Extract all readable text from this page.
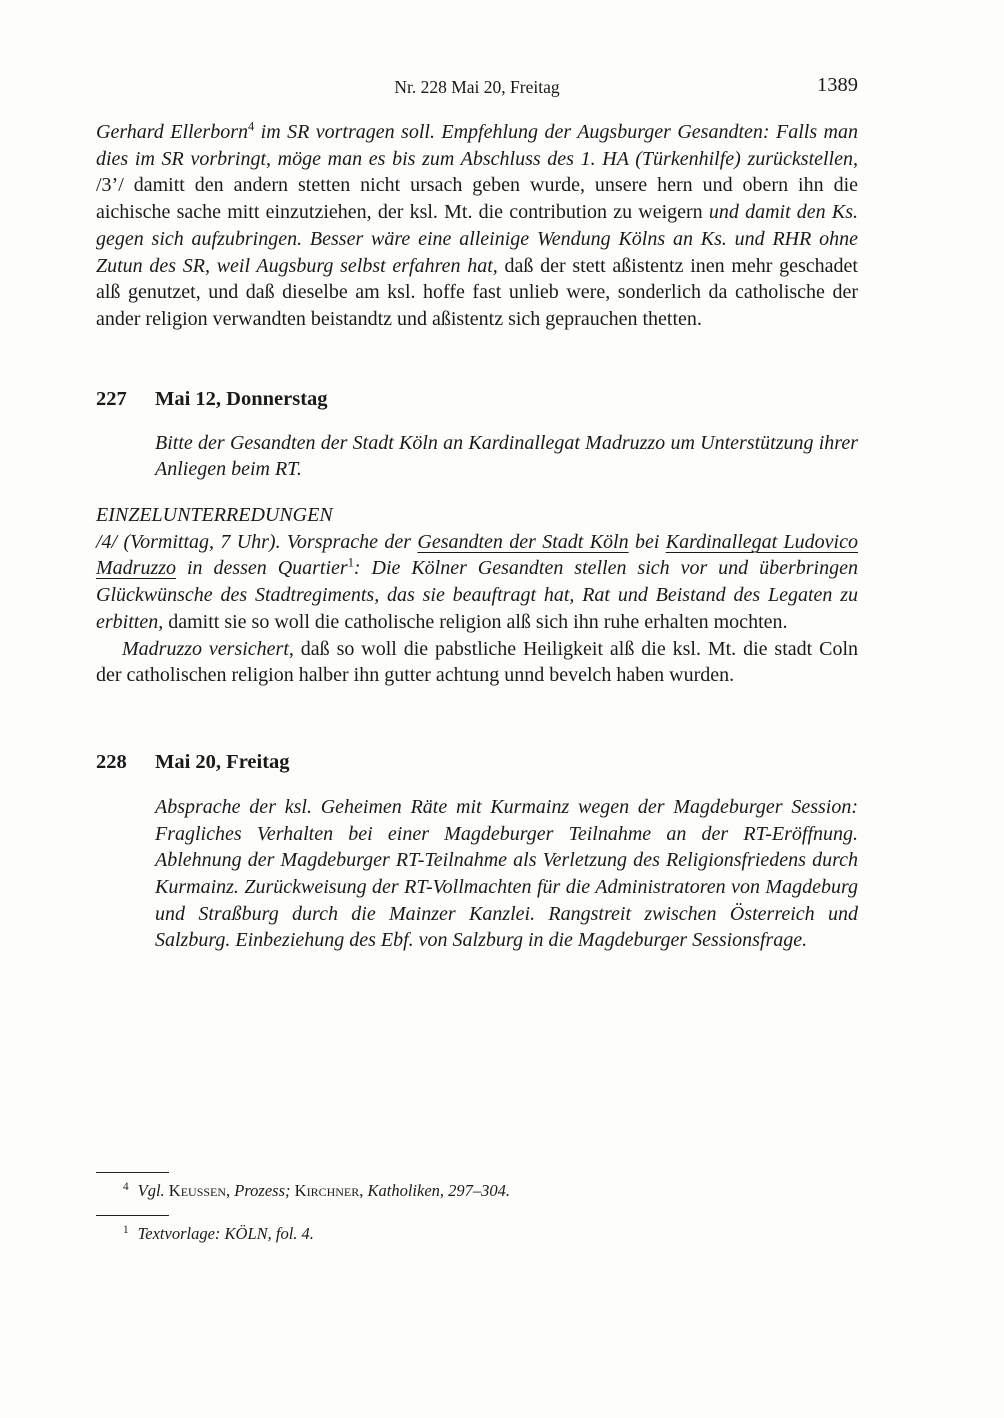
Nr. 228 Mai 20, Freitag	1389

Gerhard Ellerborn$^4$ im SR vortragen soll. Empfehlung der Augsburger Gesandten: Falls man dies im SR vorbringt, möge man es bis zum Abschluss des 1. HA (Türkenhilfe) zurückstellen, /3’/ damitt den andern stetten nicht ursach geben wurde, unsere hern und obern ihn die aichische sache mitt einzutziehen, der ksl. Mt. die contribution zu weigern und damit den Ks. gegen sich aufzubringen. Besser wäre eine alleinige Wendung Kölns an Ks. und RHR ohne Zutun des SR, weil Augsburg selbst erfahren hat, daß der stett aßistentz inen mehr geschadet alß genutzet, und daß dieselbe am ksl. hoffe fast unlieb were, sonderlich da catholische der ander religion verwandten beistandtz und aßistentz sich geprauchen thetten.

227	Mai 12, Donnerstag

Bitte der Gesandten der Stadt Köln an Kardinallegat Madruzzo um Unterstützung ihrer Anliegen beim RT.

EINZELUNTERREDUNGEN

/4/ (Vormittag, 7 Uhr). Vorsprache der Gesandten der Stadt Köln bei Kardinallegat Ludovico Madruzzo in dessen Quartier$^1$: Die Kölner Gesandten stellen sich vor und überbringen Glückwünsche des Stadtregiments, das sie beauftragt hat, Rat und Beistand des Legaten zu erbitten, damitt sie so woll die catholische religion alß sich ihn ruhe erhalten mochten.

Madruzzo versichert, daß so woll die pabstliche Heiligkeit alß die ksl. Mt. die stadt Coln der catholischen religion halber ihn gutter achtung unnd bevelch haben wurden.

228	Mai 20, Freitag

Absprache der ksl. Geheimen Räte mit Kurmainz wegen der Magdeburger Session: Fragliches Verhalten bei einer Magdeburger Teilnahme an der RT-Eröffnung. Ablehnung der Magdeburger RT-Teilnahme als Verletzung des Religionsfriedens durch Kurmainz. Zurückweisung der RT-Vollmachten für die Administratoren von Magdeburg und Straßburg durch die Mainzer Kanzlei. Rangstreit zwischen Österreich und Salzburg. Einbeziehung des Ebf. von Salzburg in die Magdeburger Sessionsfrage.

$^4$ Vgl. Keussen, Prozess; Kirchner, Katholiken, 297–304.

$^1$ Textvorlage: KÖLN, fol. 4.
